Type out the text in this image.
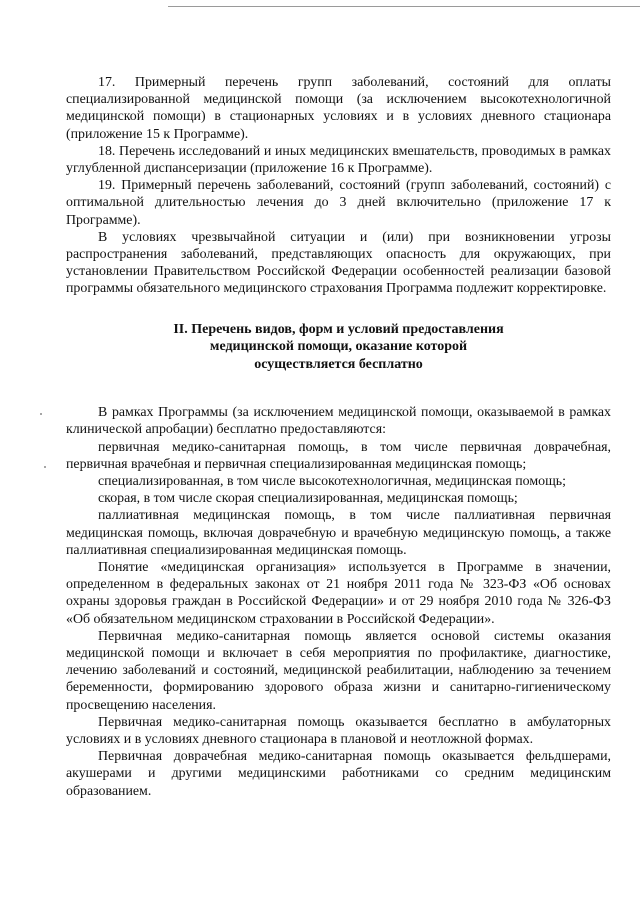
17. Примерный перечень групп заболеваний, состояний для оплаты специализированной медицинской помощи (за исключением высокотехнологичной медицинской помощи) в стационарных условиях и в условиях дневного стационара (приложение 15 к Программе).

18. Перечень исследований и иных медицинских вмешательств, проводимых в рамках углубленной диспансеризации (приложение 16 к Программе).

19. Примерный перечень заболеваний, состояний (групп заболеваний, состояний) с оптимальной длительностью лечения до 3 дней включительно (приложение 17 к Программе).

В условиях чрезвычайной ситуации и (или) при возникновении угрозы распространения заболеваний, представляющих опасность для окружающих, при установлении Правительством Российской Федерации особенностей реализации базовой программы обязательного медицинского страхования Программа подлежит корректировке.

II. Перечень видов, форм и условий предоставления
медицинской помощи, оказание которой
осуществляется бесплатно

В рамках Программы (за исключением медицинской помощи, оказываемой в рамках клинической апробации) бесплатно предоставляются:

первичная медико-санитарная помощь, в том числе первичная доврачебная, первичная врачебная и первичная специализированная медицинская помощь;

специализированная, в том числе высокотехнологичная, медицинская помощь;

скорая, в том числе скорая специализированная, медицинская помощь;

паллиативная медицинская помощь, в том числе паллиативная первичная медицинская помощь, включая доврачебную и врачебную медицинскую помощь, а также паллиативная специализированная медицинская помощь.

Понятие «медицинская организация» используется в Программе в значении, определенном в федеральных законах от 21 ноября 2011 года № 323-ФЗ «Об основах охраны здоровья граждан в Российской Федерации» и от 29 ноября 2010 года № 326-ФЗ «Об обязательном медицинском страховании в Российской Федерации».

Первичная медико-санитарная помощь является основой системы оказания медицинской помощи и включает в себя мероприятия по профилактике, диагностике, лечению заболеваний и состояний, медицинской реабилитации, наблюдению за течением беременности, формированию здорового образа жизни и санитарно-гигиеническому просвещению населения.

Первичная медико-санитарная помощь оказывается бесплатно в амбулаторных условиях и в условиях дневного стационара в плановой и неотложной формах.

Первичная доврачебная медико-санитарная помощь оказывается фельдшерами, акушерами и другими медицинскими работниками со средним медицинским образованием.
